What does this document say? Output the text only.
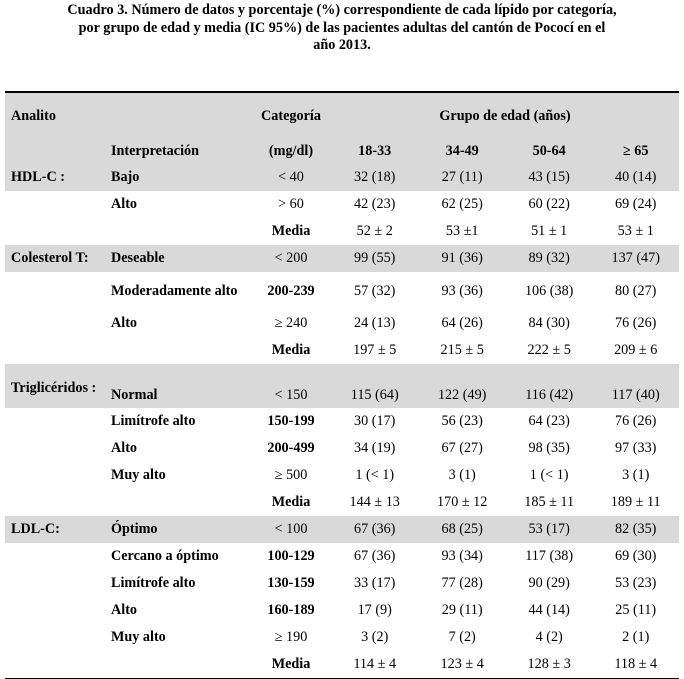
Cuadro 3. Número de datos y porcentaje (%) correspondiente de cada lípido por categoría,
por grupo de edad y media (IC 95%) de las pacientes adultas del cantón de Pococí en el
año 2013.
Analito		Categoría	Grupo de edad (años)			
	Interpretación	(mg/dl)	18-33	34-49	50-64	≥ 65
HDL-C :	Bajo	< 40	32 (18)	27 (11)	43 (15)	40 (14)
	Alto	> 60	42 (23)	62 (25)	60 (22)	69 (24)
		Media	52 ± 2	53 ±1	51 ± 1	53 ± 1
Colesterol T:	Deseable	< 200	99 (55)	91 (36)	89 (32)	137 (47)
	Moderadamente alto	200-239	57 (32)	93 (36)	106 (38)	80 (27)
	Alto	≥ 240	24 (13)	64 (26)	84 (30)	76 (26)
		Media	197 ± 5	215 ± 5	222 ± 5	209 ± 6
Triglicéridos :	Normal	< 150	115 (64)	122 (49)	116 (42)	117 (40)
	Limítrofe alto	150-199	30 (17)	56 (23)	64 (23)	76 (26)
	Alto	200-499	34 (19)	67 (27)	98 (35)	97 (33)
	Muy alto	≥ 500	1 (< 1)	3 (1)	1 (< 1)	3 (1)
		Media	144 ± 13	170 ± 12	185 ± 11	189 ± 11
LDL-C:	Óptimo	< 100	67 (36)	68 (25)	53 (17)	82 (35)
	Cercano a óptimo	100-129	67 (36)	93 (34)	117 (38)	69 (30)
	Limítrofe alto	130-159	33 (17)	77 (28)	90 (29)	53 (23)
	Alto	160-189	17 (9)	29 (11)	44 (14)	25 (11)
	Muy alto	≥ 190	3 (2)	7 (2)	4 (2)	2 (1)
		Media	114 ± 4	123 ± 4	128 ± 3	118 ± 4
